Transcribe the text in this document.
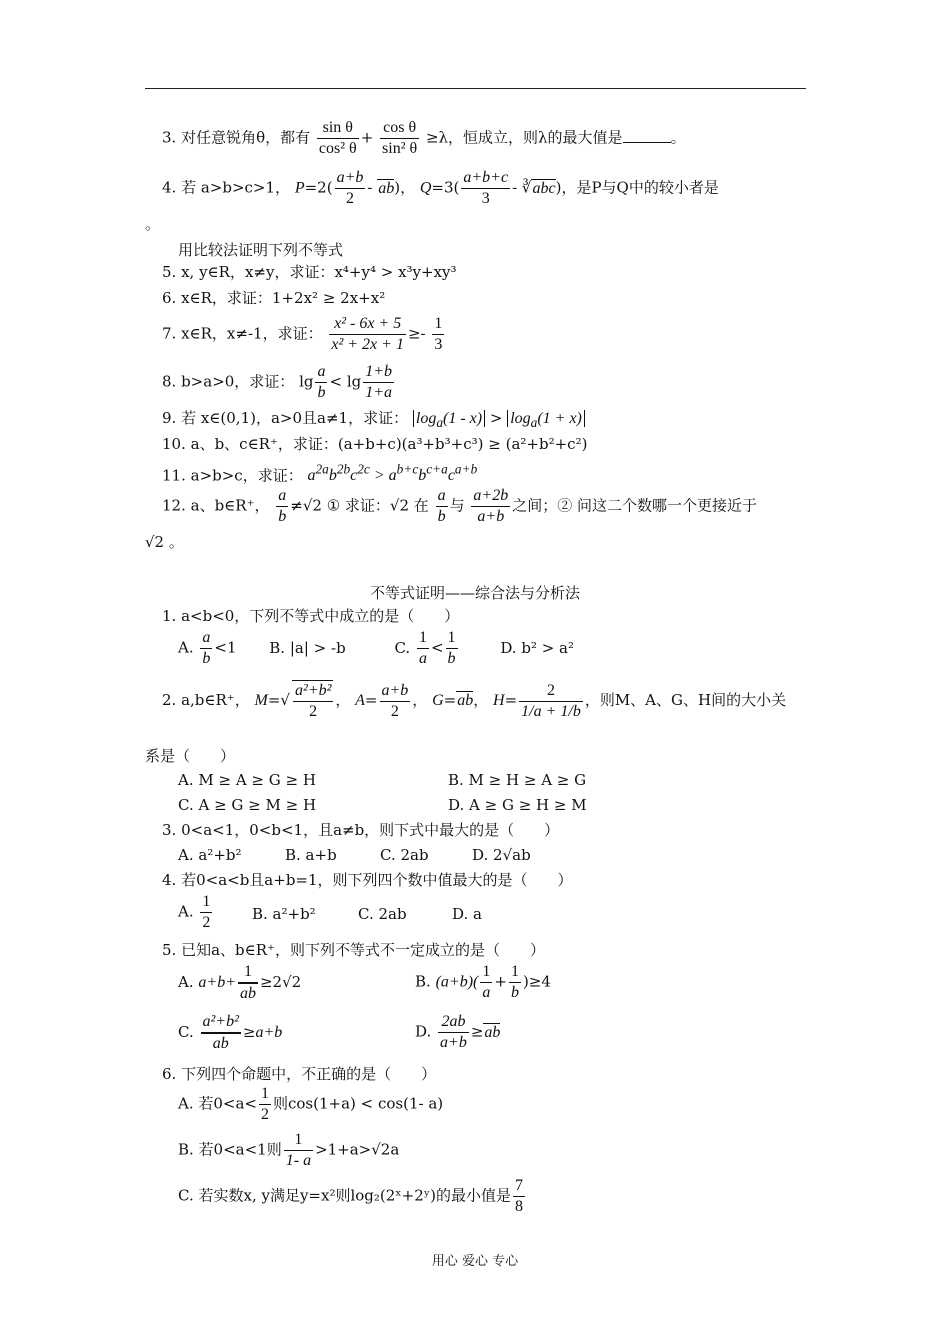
3. 对任意锐角θ，都有 $\frac{\text{sin θ}}{\text{cos² θ}} + \frac{\text{cos θ}}{\text{sin² θ}} \ge\lambda$，恒成立，则λ的最大值是	。
4. 若 a>b>c>1， $P=2( \frac{a+b}{2} - ab)$， $Q=3( \frac{a+b+c}{3}$ - ∛abc)，是P与Q中的较小者是
。
用比较法证明下列不等式
5. x, y∈R，x≠y，求证：x⁴+y⁴ > x³y+xy³
6. x∈R，求证：1+2x² ≥ 2x+x²
7. x∈R，x≠-1，求证： $\frac{\text{x² - 6x + 5}}{\text{x² + 2x + 1}} \ge- \frac{1}{3}$
8. b>a>0，求证： $\lg \frac{a}{b} < \lg \frac{1+b}{1+a}$
9. 若 x∈(0,1)，a>0且a≠1，求证： $\log_a(1 - x) > \log_a(1 + x)$
10. a、b、c∈R⁺，求证：(a+b+c)(a³+b³+c³) ≥ (a²+b²+c²)
11. a>b>c，求证： $a^{2a}b^{2b}c^{2c} > a^{b+c}b^{c+a}c^{a+b}$
12. a、b∈R⁺， $\frac{a}{b} \ne√2$ ① 求证：√2 在 $\frac{a}{b}$ 与 $\frac{a+2b}{a+b}$ 之间；② 问这二个数哪一个更接近于
√2 。
不等式证明——综合法与分析法
1. a<b<0，下列不等式中成立的是（　　）
A. $\frac{a}{b} <1$ B. |a| > -b	C. $\frac{1}{a} < \frac{1}{b}$	D. b² > a²
2. a,b∈R⁺， $M=√ \frac{\text{a²+b²}}{2}$ ， $A= \frac{a+b}{2}$ ， G=ab， $H= \frac{2}{1/a + 1/b}$ ，则M、A、G、H间的大小关
系是（　　）
A. M ≥ A ≥ G ≥ H	B. M ≥ H ≥ A ≥ G
C. A ≥ G ≥ M ≥ H	D. A ≥ G ≥ H ≥ M
3. 0<a<1，0<b<1，且a≠b，则下式中最大的是（　　）
A. a²+b²	B. a+b	C. 2ab	D. 2√ab
4. 若0<a<b且a+b=1，则下列四个数中值最大的是（　　）
A. $\frac{1}{2}$	B. a²+b²	C. 2ab	D. a
5. 已知a、b∈R⁺，则下列不等式不一定成立的是（　　）
A. $a+b+ \frac{1}{ab} \ge 2√2$	B. $(a+b)( \frac{1}{a} + \frac{1}{b} )\ge 4$
C. $\frac{\text{a²+b²}}{ab} \ge a+b$	D. $\frac{2ab}{a+b} \ge ab$
6. 下列四个命题中，不正确的是（　　）
A. 若$0<a< \frac{1}{2}$ 则cos(1+a) < cos(1- a)
B. 若0<a<1则 $\frac{1}{1- a} >1+a>√2a$
C. 若实数x, y满足y=x²则log₂(2ˣ+2ʸ)的最小值是 $\frac{7}{8}$
用心 爱心 专心
